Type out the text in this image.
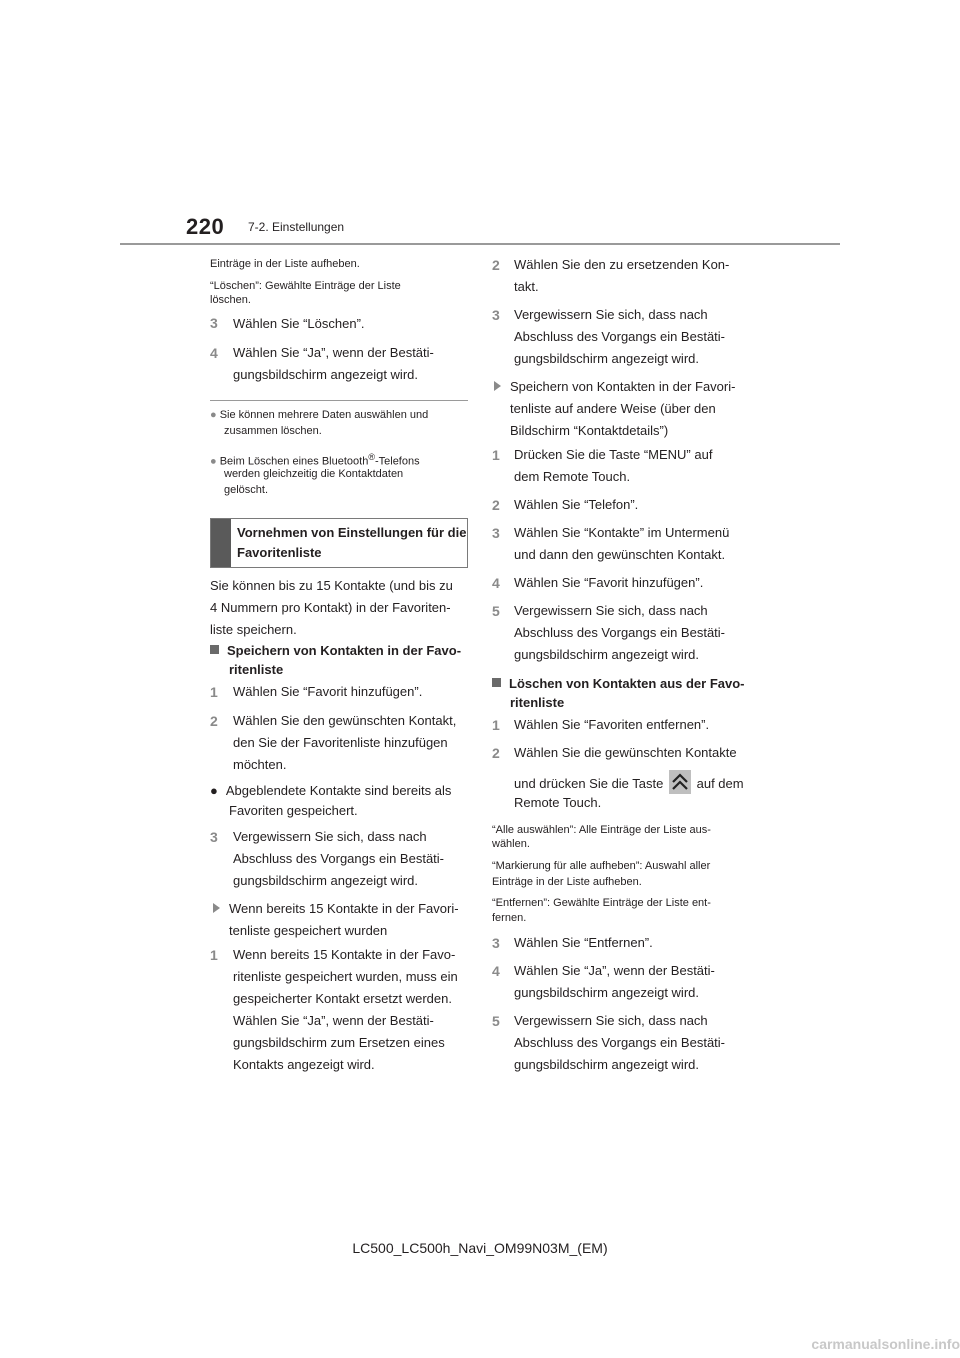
220 7-2. Einstellungen
Einträge in der Liste aufheben.
“Löschen”: Gewählte Einträge der Liste
löschen.
3 Wählen Sie “Löschen”.
4 Wählen Sie “Ja”, wenn der Bestäti-
gungsbildschirm angezeigt wird.
● Sie können mehrere Daten auswählen und
zusammen löschen.
● Beim Löschen eines Bluetooth®-Telefons
werden gleichzeitig die Kontaktdaten
gelöscht.
Vornehmen von Einstellungen für die
Favoritenliste
Sie können bis zu 15 Kontakte (und bis zu
4 Nummern pro Kontakt) in der Favoriten-
liste speichern.
Speichern von Kontakten in der Favo-
ritenliste
1 Wählen Sie “Favorit hinzufügen”.
2 Wählen Sie den gewünschten Kontakt,
den Sie der Favoritenliste hinzufügen
möchten.
● Abgeblendete Kontakte sind bereits als
Favoriten gespeichert.
3 Vergewissern Sie sich, dass nach
Abschluss des Vorgangs ein Bestäti-
gungsbildschirm angezeigt wird.
Wenn bereits 15 Kontakte in der Favori-
tenliste gespeichert wurden
1 Wenn bereits 15 Kontakte in der Favo-
ritenliste gespeichert wurden, muss ein
gespeicherter Kontakt ersetzt werden.
Wählen Sie “Ja”, wenn der Bestäti-
gungsbildschirm zum Ersetzen eines
Kontakts angezeigt wird.
2 Wählen Sie den zu ersetzenden Kon-
takt.
3 Vergewissern Sie sich, dass nach
Abschluss des Vorgangs ein Bestäti-
gungsbildschirm angezeigt wird.
Speichern von Kontakten in der Favori-
tenliste auf andere Weise (über den
Bildschirm “Kontaktdetails”)
1 Drücken Sie die Taste “MENU” auf
dem Remote Touch.
2 Wählen Sie “Telefon”.
3 Wählen Sie “Kontakte” im Untermenü
und dann den gewünschten Kontakt.
4 Wählen Sie “Favorit hinzufügen”.
5 Vergewissern Sie sich, dass nach
Abschluss des Vorgangs ein Bestäti-
gungsbildschirm angezeigt wird.
Löschen von Kontakten aus der Favo-
ritenliste
1 Wählen Sie “Favoriten entfernen”.
2 Wählen Sie die gewünschten Kontakte
und drücken Sie die Taste	auf dem
Remote Touch.
“Alle auswählen”: Alle Einträge der Liste aus-
wählen.
“Markierung für alle aufheben”: Auswahl aller
Einträge in der Liste aufheben.
“Entfernen”: Gewählte Einträge der Liste ent-
fernen.
3 Wählen Sie “Entfernen”.
4 Wählen Sie “Ja”, wenn der Bestäti-
gungsbildschirm angezeigt wird.
5 Vergewissern Sie sich, dass nach
Abschluss des Vorgangs ein Bestäti-
gungsbildschirm angezeigt wird.
LC500_LC500h_Navi_OM99N03M_(EM)
carmanualsonline.info
